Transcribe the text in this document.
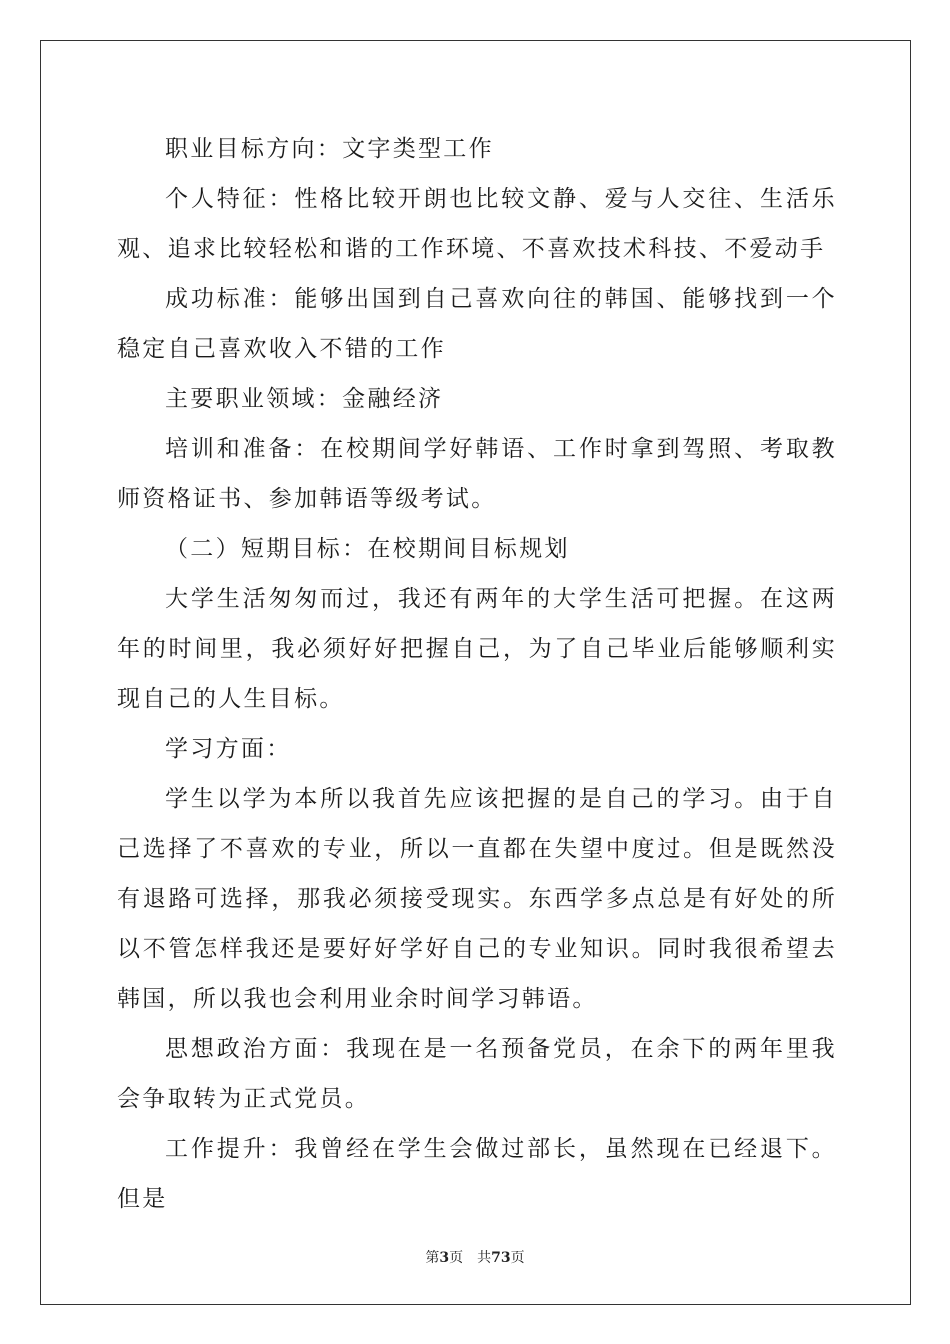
职业目标方向：文字类型工作

个人特征：性格比较开朗也比较文静、爱与人交往、生活乐观、追求比较轻松和谐的工作环境、不喜欢技术科技、不爱动手

成功标准：能够出国到自己喜欢向往的韩国、能够找到一个稳定自己喜欢收入不错的工作

主要职业领域：金融经济

培训和准备：在校期间学好韩语、工作时拿到驾照、考取教师资格证书、参加韩语等级考试。

（二）短期目标：在校期间目标规划

大学生活匆匆而过，我还有两年的大学生活可把握。在这两年的时间里，我必须好好把握自己，为了自己毕业后能够顺利实现自己的人生目标。

学习方面：

学生以学为本所以我首先应该把握的是自己的学习。由于自己选择了不喜欢的专业，所以一直都在失望中度过。但是既然没有退路可选择，那我必须接受现实。东西学多点总是有好处的所以不管怎样我还是要好好学好自己的专业知识。同时我很希望去韩国，所以我也会利用业余时间学习韩语。

思想政治方面：我现在是一名预备党员，在余下的两年里我会争取转为正式党员。

工作提升：我曾经在学生会做过部长，虽然现在已经退下。但是

第3页 共73页
